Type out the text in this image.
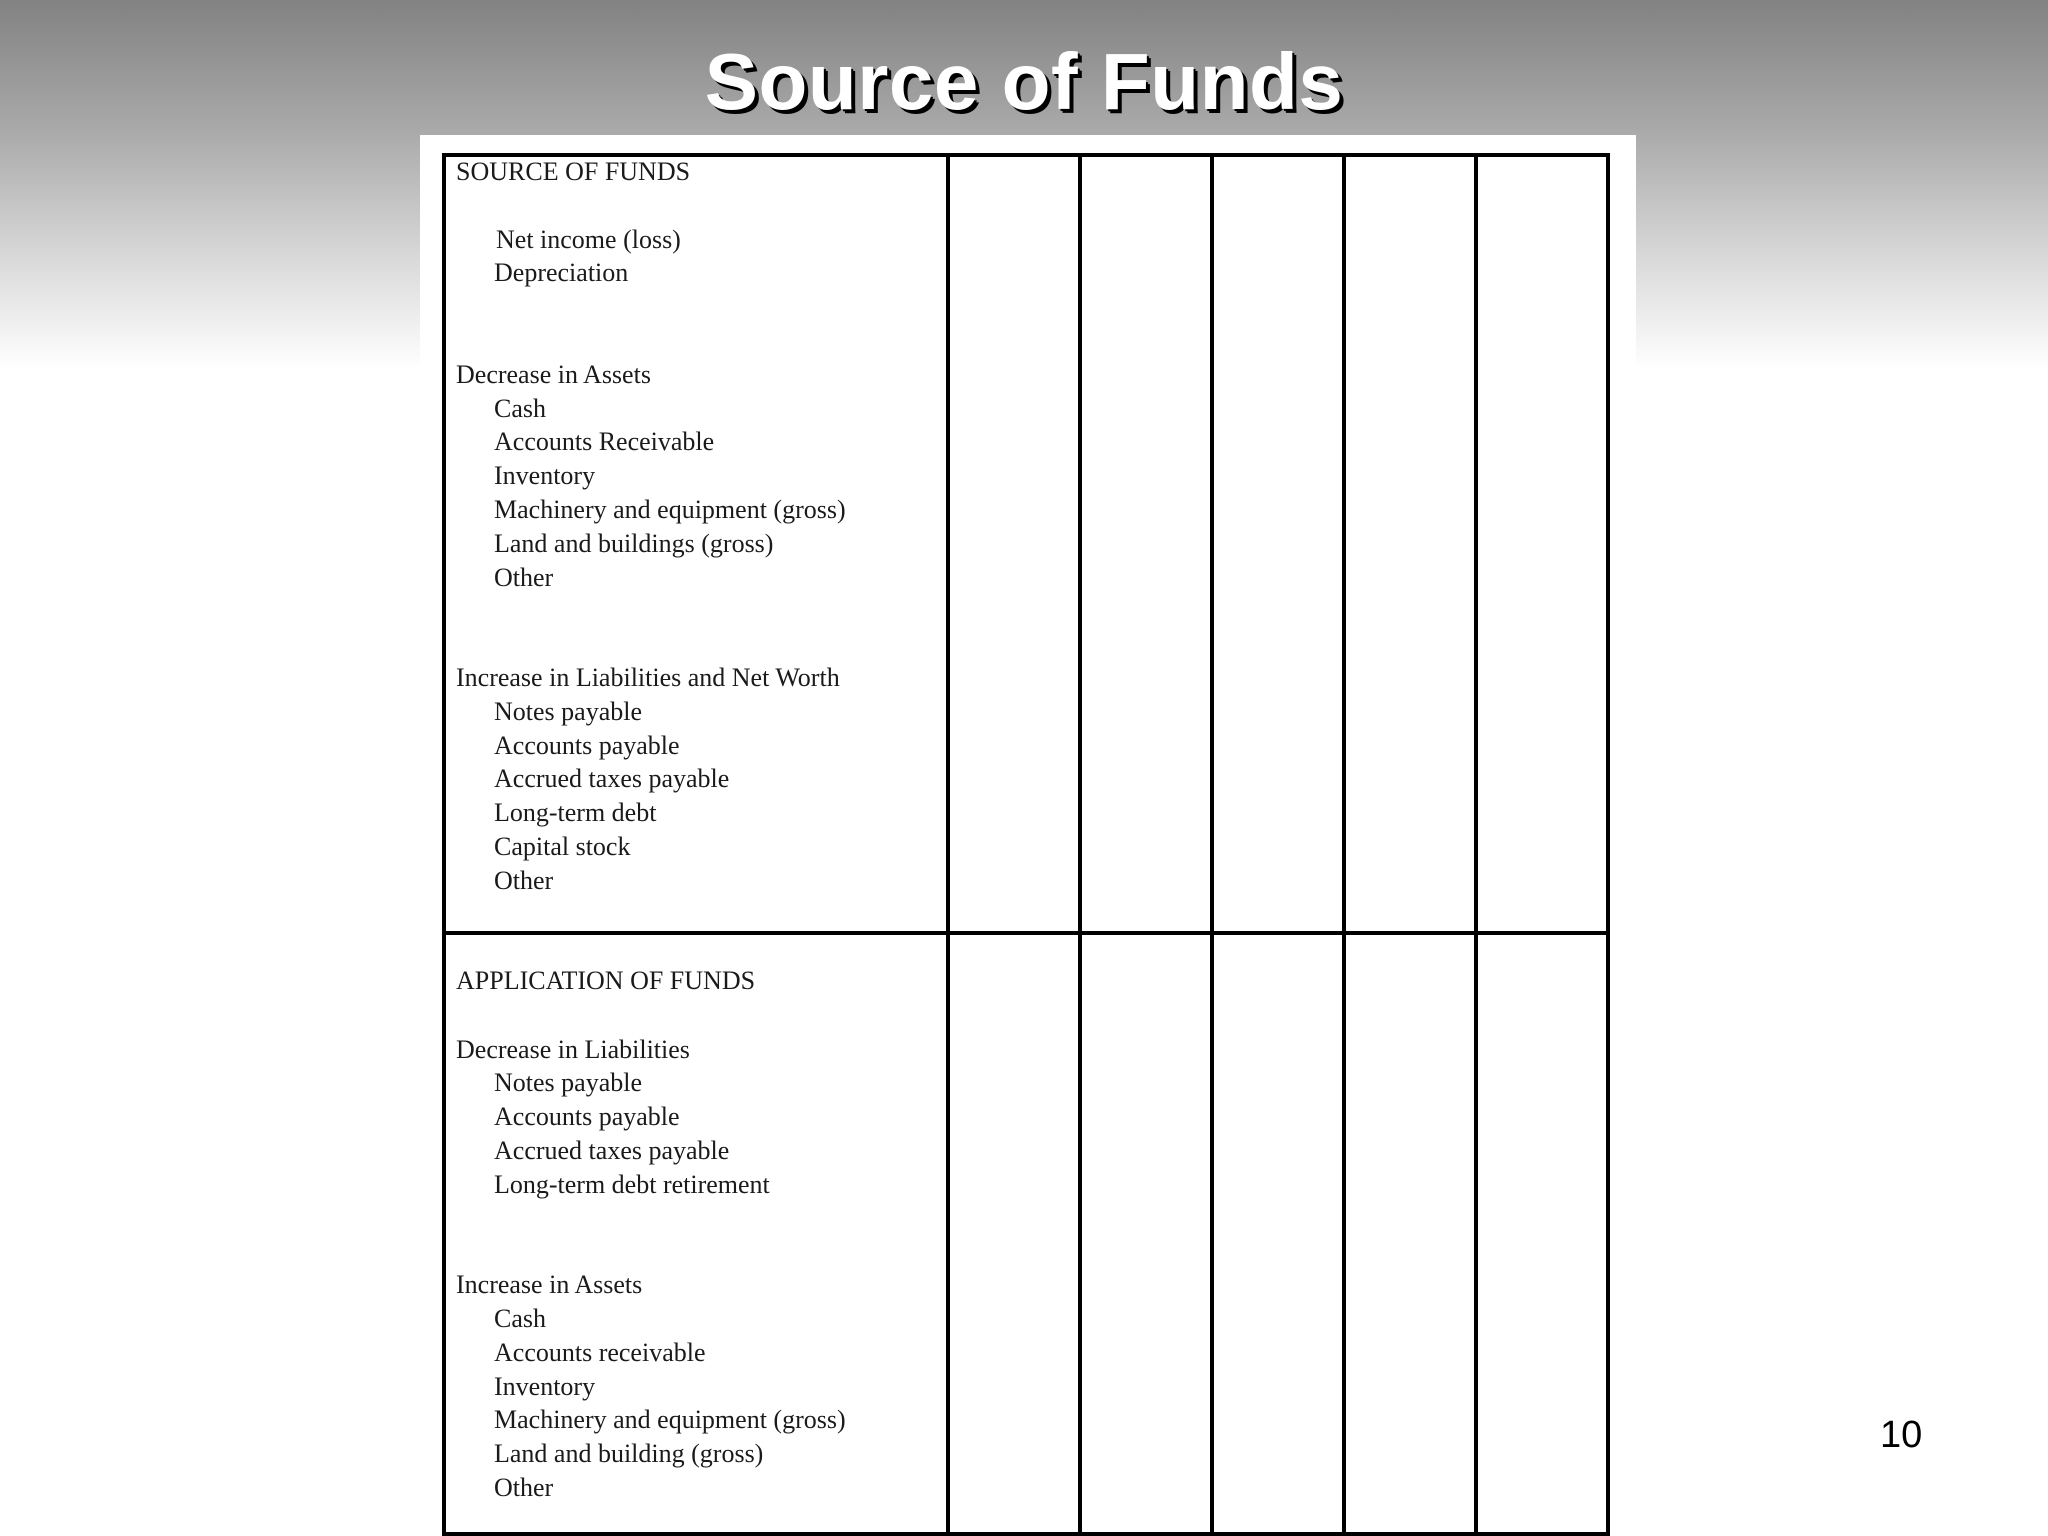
Source of Funds
SOURCE OF FUNDS
Net income (loss)
Depreciation
Decrease in Assets
Cash
Accounts Receivable
Inventory
Machinery and equipment (gross)
Land and buildings (gross)
Other
Increase in Liabilities and Net Worth
Notes payable
Accounts payable
Accrued taxes payable
Long-term debt
Capital stock
Other
APPLICATION OF FUNDS
Decrease in Liabilities
Notes payable
Accounts payable
Accrued taxes payable
Long-term debt retirement
Increase in Assets
Cash
Accounts receivable
Inventory
Machinery and equipment (gross)
Land and building (gross)
Other
10
